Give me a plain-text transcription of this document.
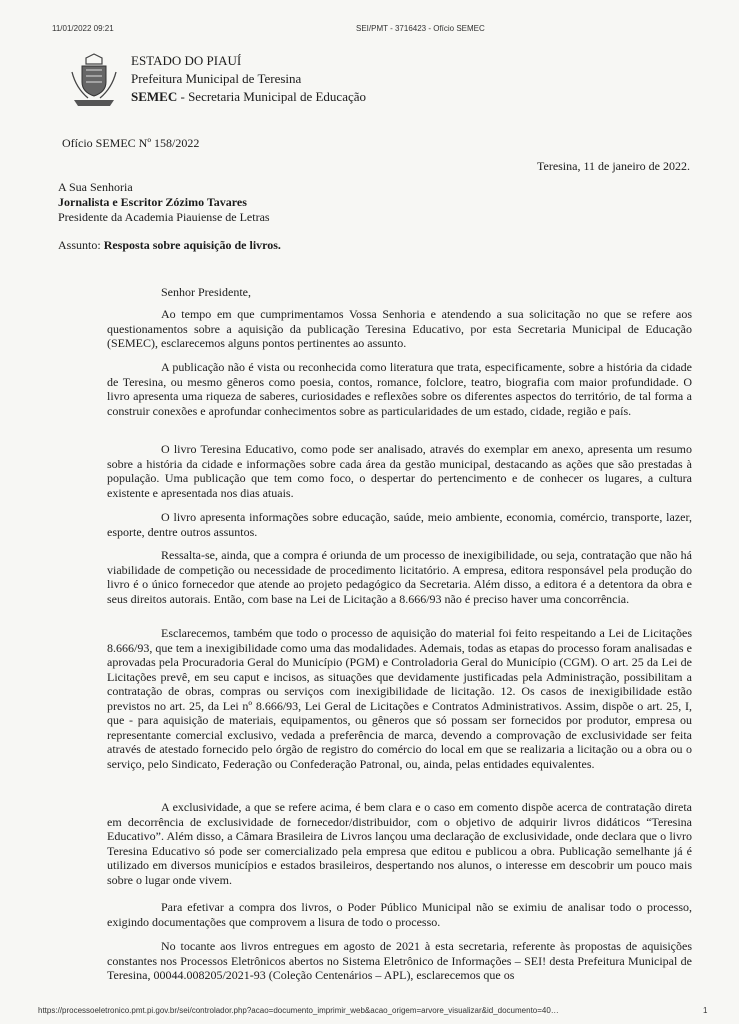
11/01/2022 09:21	SEI/PMT - 3716423 - Ofício SEMEC
ESTADO DO PIAUÍ
Prefeitura Municipal de Teresina
SEMEC - Secretaria Municipal de Educação
Ofício SEMEC Nº 158/2022
Teresina, 11 de janeiro de 2022.
A Sua Senhoria
Jornalista e Escritor Zózimo Tavares
Presidente da Academia Piauiense de Letras
Assunto: Resposta sobre aquisição de livros.
Senhor Presidente,
Ao tempo em que cumprimentamos Vossa Senhoria e atendendo a sua solicitação no que se refere aos questionamentos sobre a aquisição da publicação Teresina Educativo, por esta Secretaria Municipal de Educação (SEMEC), esclarecemos alguns pontos pertinentes ao assunto.
A publicação não é vista ou reconhecida como literatura que trata, especificamente, sobre a história da cidade de Teresina, ou mesmo gêneros como poesia, contos, romance, folclore, teatro, biografia com maior profundidade. O livro apresenta uma riqueza de saberes, curiosidades e reflexões sobre os diferentes aspectos do território, de tal forma a construir conexões e aprofundar conhecimentos sobre as particularidades de um estado, cidade, região e país.
O livro Teresina Educativo, como pode ser analisado, através do exemplar em anexo, apresenta um resumo sobre a história da cidade e informações sobre cada área da gestão municipal, destacando as ações que são prestadas à população. Uma publicação que tem como foco, o despertar do pertencimento e de conhecer os lugares, a cultura existente e apresentada nos dias atuais.
O livro apresenta informações sobre educação, saúde, meio ambiente, economia, comércio, transporte, lazer, esporte, dentre outros assuntos.
Ressalta-se, ainda, que a compra é oriunda de um processo de inexigibilidade, ou seja, contratação que não há viabilidade de competição ou necessidade de procedimento licitatório. A empresa, editora responsável pela produção do livro é o único fornecedor que atende ao projeto pedagógico da Secretaria. Além disso, a editora é a detentora da obra e seus direitos autorais. Então, com base na Lei de Licitação a 8.666/93 não é preciso haver uma concorrência.
Esclarecemos, também que todo o processo de aquisição do material foi feito respeitando a Lei de Licitações 8.666/93, que tem a inexigibilidade como uma das modalidades. Ademais, todas as etapas do processo foram analisadas e aprovadas pela Procuradoria Geral do Município (PGM) e Controladoria Geral do Município (CGM). O art. 25 da Lei de Licitações prevê, em seu caput e incisos, as situações que devidamente justificadas pela Administração, possibilitam a contratação de obras, compras ou serviços com inexigibilidade de licitação. 12. Os casos de inexigibilidade estão previstos no art. 25, da Lei nº 8.666/93, Lei Geral de Licitações e Contratos Administrativos. Assim, dispõe o art. 25, I, que - para aquisição de materiais, equipamentos, ou gêneros que só possam ser fornecidos por produtor, empresa ou representante comercial exclusivo, vedada a preferência de marca, devendo a comprovação de exclusividade ser feita através de atestado fornecido pelo órgão de registro do comércio do local em que se realizaria a licitação ou a obra ou o serviço, pelo Sindicato, Federação ou Confederação Patronal, ou, ainda, pelas entidades equivalentes.
A exclusividade, a que se refere acima, é bem clara e o caso em comento dispõe acerca de contratação direta em decorrência de exclusividade de fornecedor/distribuidor, com o objetivo de adquirir livros didáticos “Teresina Educativo”. Além disso, a Câmara Brasileira de Livros lançou uma declaração de exclusividade, onde declara que o livro Teresina Educativo só pode ser comercializado pela empresa que editou e publicou a obra. Publicação semelhante já é utilizado em diversos municípios e estados brasileiros, despertando nos alunos, o interesse em descobrir um pouco mais sobre o lugar onde vivem.
Para efetivar a compra dos livros, o Poder Público Municipal não se eximiu de analisar todo o processo, exigindo documentações que comprovem a lisura de todo o processo.
No tocante aos livros entregues em agosto de 2021 à esta secretaria, referente às propostas de aquisições constantes nos Processos Eletrônicos abertos no Sistema Eletrônico de Informações – SEI! desta Prefeitura Municipal de Teresina, 00044.008205/2021-93 (Coleção Centenários – APL), esclarecemos que os
https://processoeletronico.pmt.pi.gov.br/sei/controlador.php?acao=documento_imprimir_web&acao_origem=arvore_visualizar&id_documento=40…	1
